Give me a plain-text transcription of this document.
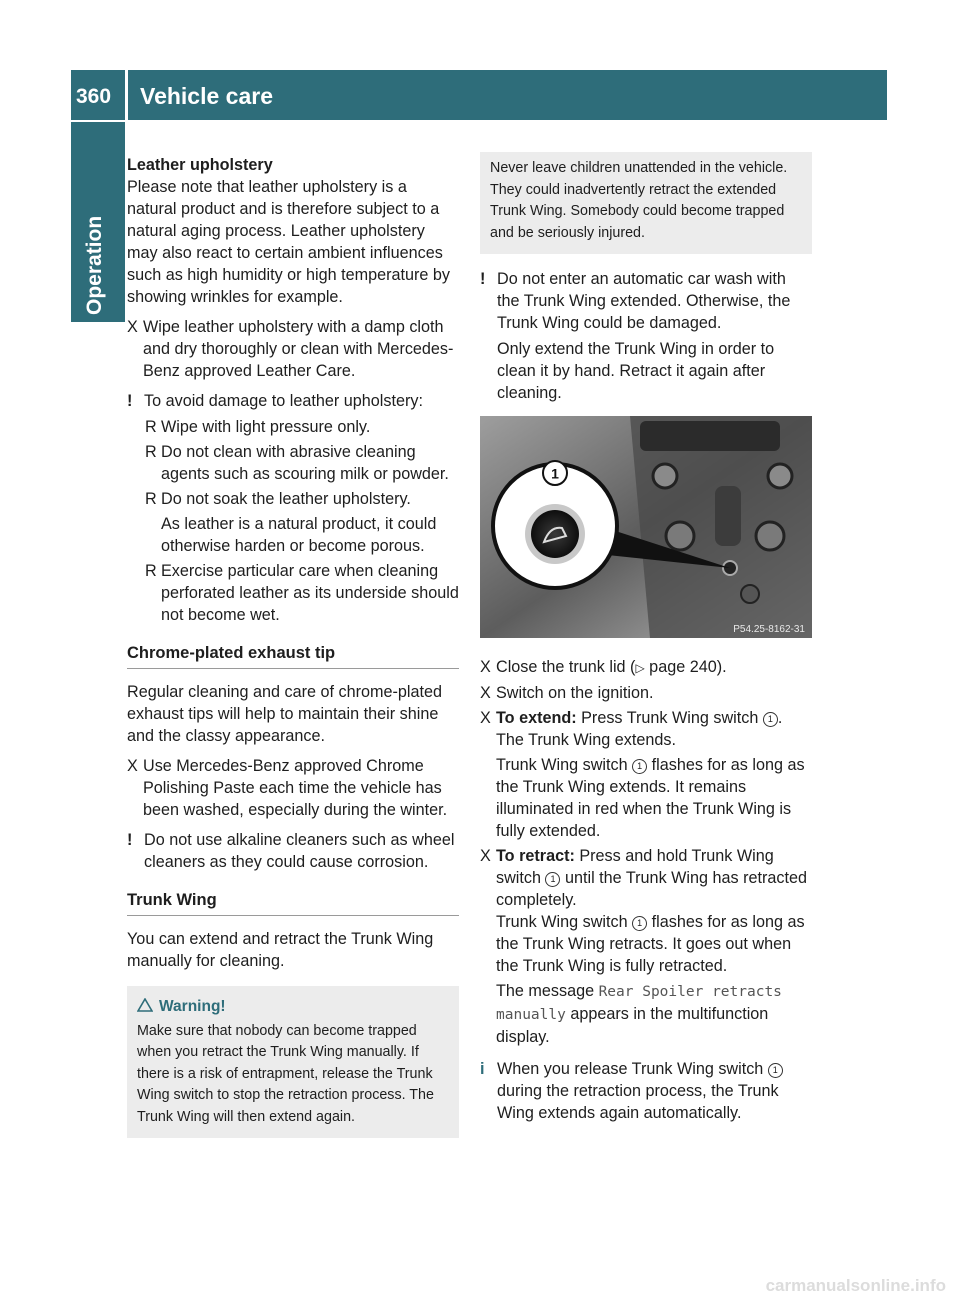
360 Vehicle care
Operation

Leather upholstery

Please note that leather upholstery is a natural product and is therefore subject to a natural aging process. Leather upholstery may also react to certain ambient influences such as high humidity or high temperature by showing wrinkles for example.

X Wipe leather upholstery with a damp cloth and dry thoroughly or clean with Mercedes-Benz approved Leather Care.
! To avoid damage to leather upholstery:
R Wipe with light pressure only.
R Do not clean with abrasive cleaning agents such as scouring milk or powder.
R Do not soak the leather upholstery.

As leather is a natural product, it could otherwise harden or become porous.

R Exercise particular care when cleaning perforated leather as its underside should not become wet.
Chrome-plated exhaust tip

Regular cleaning and care of chrome-plated exhaust tips will help to maintain their shine and the classy appearance.

X Use Mercedes-Benz approved Chrome Polishing Paste each time the vehicle has been washed, especially during the winter.
! Do not use alkaline cleaners such as wheel cleaners as they could cause corrosion.
Trunk Wing

You can extend and retract the Trunk Wing manually for cleaning.

Warning!

Make sure that nobody can become trapped when you retract the Trunk Wing manually. If there is a risk of entrapment, release the Trunk Wing switch to stop the retraction process. The Trunk Wing will then extend again.

Never leave children unattended in the vehicle. They could inadvertently retract the extended Trunk Wing. Somebody could become trapped and be seriously injured.

! Do not enter an automatic car wash with the Trunk Wing extended. Otherwise, the Trunk Wing could be damaged.

Only extend the Trunk Wing in order to clean it by hand. Retract it again after cleaning.

1
P54.25-8162-31
X Close the trunk lid (▷ page 240).
X Switch on the ignition.
X To extend: Press Trunk Wing switch 1 .

The Trunk Wing extends.

Trunk Wing switch 1 flashes for as long as the Trunk Wing extends. It remains illuminated in red when the Trunk Wing is fully extended.

X To retract: Press and hold Trunk Wing switch 1 until the Trunk Wing has retracted completely.

Trunk Wing switch 1 flashes for as long as the Trunk Wing retracts. It goes out when the Trunk Wing is fully retracted.

The message Rear Spoiler retracts manually appears in the multifunction display.

i When you release Trunk Wing switch 1 during the retraction process, the Trunk Wing extends again automatically.
carmanualsonline.info
